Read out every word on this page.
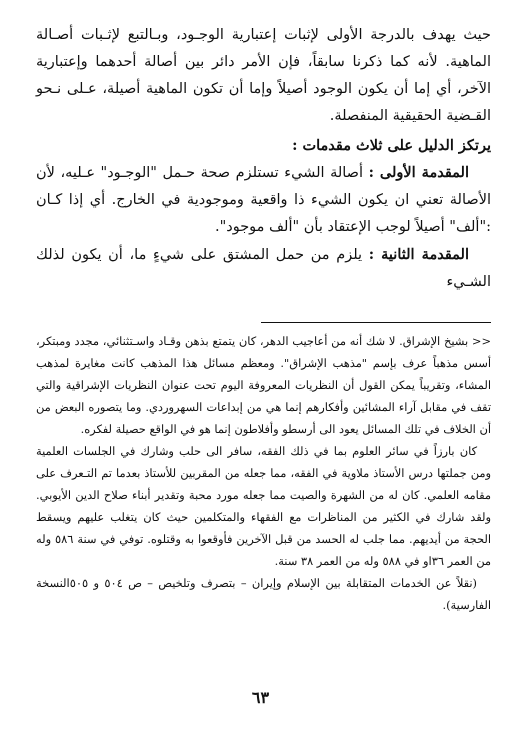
حيث يهدف بالدرجة الأولى لإثبات إعتبارية الوجـود، وبـالتبع لإثـبات أصـالة الماهية. لأنه كما ذكرنا سابقاً، فإن الأمر دائر بين أصالة أحدهما وإعتبارية الآخر، أي إما أن يكون الوجود أصيلاً وإما أن تكون الماهية أصيلة، عـلى نـحو القـضية الحقيقية المنفصلة.

يرتكز الدليل على ثلاث مقدمات :

المقدمة الأولى : أصالة الشيء تستلزم صحة حـمل "الوجـود" عـليه، لأن الأصالة تعني ان يكون الشيء ذا واقعية وموجودية في الخارج. أي إذا كـان :"ألف" أصيلاً لوجب الإعتقاد بأن "ألف موجود".

المقدمة الثانية : يلزم من حمل المشتق على شيءٍ ما، أن يكون لذلك الشـيء

<< بشيخ الإشراق. لا شك أنه من أعاجيب الدهر، كان يتمتع بذهن وقـاد واسـتثنائي، مجدد ومبتكر، أسس مذهباً عرف بإسم "مذهب الإشراق". ومعظم مسائل هذا المذهب كانت مغايرة لمذهب المشاء، وتقريباً يمكن القول أن النظريات المعروفة اليوم تحت عنوان النظريات الإشراقية والتي تقف في مقابل آراء المشائين وأفكارهم إنما هي من إبداعات السهروردي. وما يتصوره البعض من أن الخلاف في تلك المسائل يعود الى أرسطو وأفلاطون إنما هو في الواقع حصيلة لفكره.

كان بارزاً في سائر العلوم بما في ذلك الفقه، سافر الى حلب وشارك في الجلسات العلمية ومن جملتها درس الأستاذ ملاوية في الفقه، مما جعله من المقربين للأستاذ بعدما تم التـعرف على مقامه العلمي. كان له من الشهرة والصيت مما جعله مورد محبة وتقدير أبناء صلاح الدين الأيوبي. ولقد شارك في الكثير من المناظرات مع الفقهاء والمتكلمين حيث كان يتغلب عليهم ويسقط الحجة من أيديهم. مما جلب له الحسد من قبل الآخرين فأوقعوا به وقتلوه. توفي في سنة ٥٨٦ وله من العمر ٣٦او في ٥٨٨ وله من العمر ٣٨ سنة.

(نقلاً عن الخدمات المتقابلة بين الإسلام وإيران – بتصرف وتلخيص – ص ٥٠٤ و ٥٠٥النسخة الفارسية).

٦٣
